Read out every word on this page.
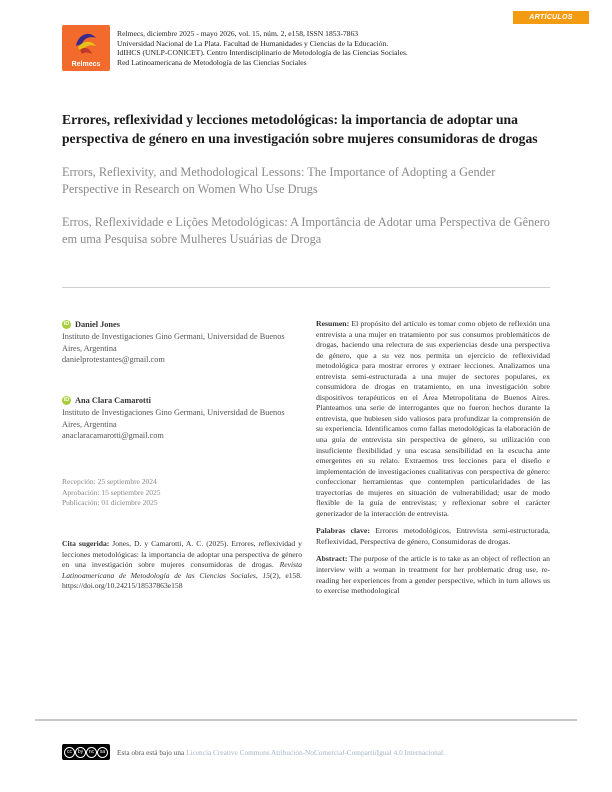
Relmecs
Relmecs, diciembre 2025 - mayo 2026, vol. 15, núm. 2, e158, ISSN 1853-7863
Universidad Nacional de La Plata. Facultad de Humanidades y Ciencias de la Educación.
IdIHCS (UNLP-CONICET). Centro Interdisciplinario de Metodología de las Ciencias Sociales.
Red Latinoamericana de Metodología de las Ciencias Sociales
ARTÍCULOS
Errores, reflexividad y lecciones metodológicas: la importancia de adoptar una perspectiva de género en una investigación sobre mujeres consumidoras de drogas
Errors, Reflexivity, and Methodological Lessons: The Importance of Adopting a Gender Perspective in Research on Women Who Use Drugs
Erros, Reflexividade e Lições Metodológicas: A Importância de Adotar uma Perspectiva de Gênero em uma Pesquisa sobre Mulheres Usuárias de Droga
iD Daniel Jones
Instituto de Investigaciones Gino Germani, Universidad de Buenos Aires, Argentina
danielprotestantes@gmail.com
iD Ana Clara Camarotti
Instituto de Investigaciones Gino Germani, Universidad de Buenos Aires, Argentina
anaclaracamarotti@gmail.com
Recepción: 25 septiembre 2024
Aprobación: 15 septiembre 2025
Publicación: 01 diciembre 2025
Cita sugerida: Jones, D. y Camarotti, A. C. (2025). Errores, reflexividad y lecciones metodológicas: la importancia de adoptar una perspectiva de género en una investigación sobre mujeres consumidoras de drogas. Revista Latinoamericana de Metodología de las Ciencias Sociales, 15(2), e158. https://doi.org/10.24215/18537863e158

Resumen: El propósito del artículo es tomar como objeto de reflexión una entrevista a una mujer en tratamiento por sus consumos problemáticos de drogas, haciendo una relectura de sus experiencias desde una perspectiva de género, que a su vez nos permita un ejercicio de reflexividad metodológica para mostrar errores y extraer lecciones. Analizamos una entrevista semi-estructurada a una mujer de sectores populares, ex consumidora de drogas en tratamiento, en una investigación sobre dispositivos terapéuticos en el Área Metropolitana de Buenos Aires. Planteamos una serie de interrogantes que no fueron hechos durante la entrevista, que hubiesen sido valiosos para profundizar la comprensión de su experiencia. Identificamos como fallas metodológicas la elaboración de una guía de entrevista sin perspectiva de género, su utilización con insuficiente flexibilidad y una escasa sensibilidad en la escucha ante emergentes en su relato. Extraemos tres lecciones para el diseño e implementación de investigaciones cualitativas con perspectiva de género: confeccionar herramientas que contemplen particularidades de las trayectorias de mujeres en situación de vulnerabilidad; usar de modo flexible de la guía de entrevistas; y reflexionar sobre el carácter generizador de la interacción de entrevista.

Palabras clave: Errores metodológicos, Entrevista semi-estructurada, Reflexividad, Perspectiva de género, Consumidoras de drogas.

Abstract: The purpose of the article is to take as an object of reflection an interview with a woman in treatment for her problematic drug use, re-reading her experiences from a gender perspective, which in turn allows us to exercise methodological

cc	by	nc	sa	Esta obra está bajo una Licencia Creative Commons Atribución-NoComercial-CompartirIgual 4.0 Internacional.
